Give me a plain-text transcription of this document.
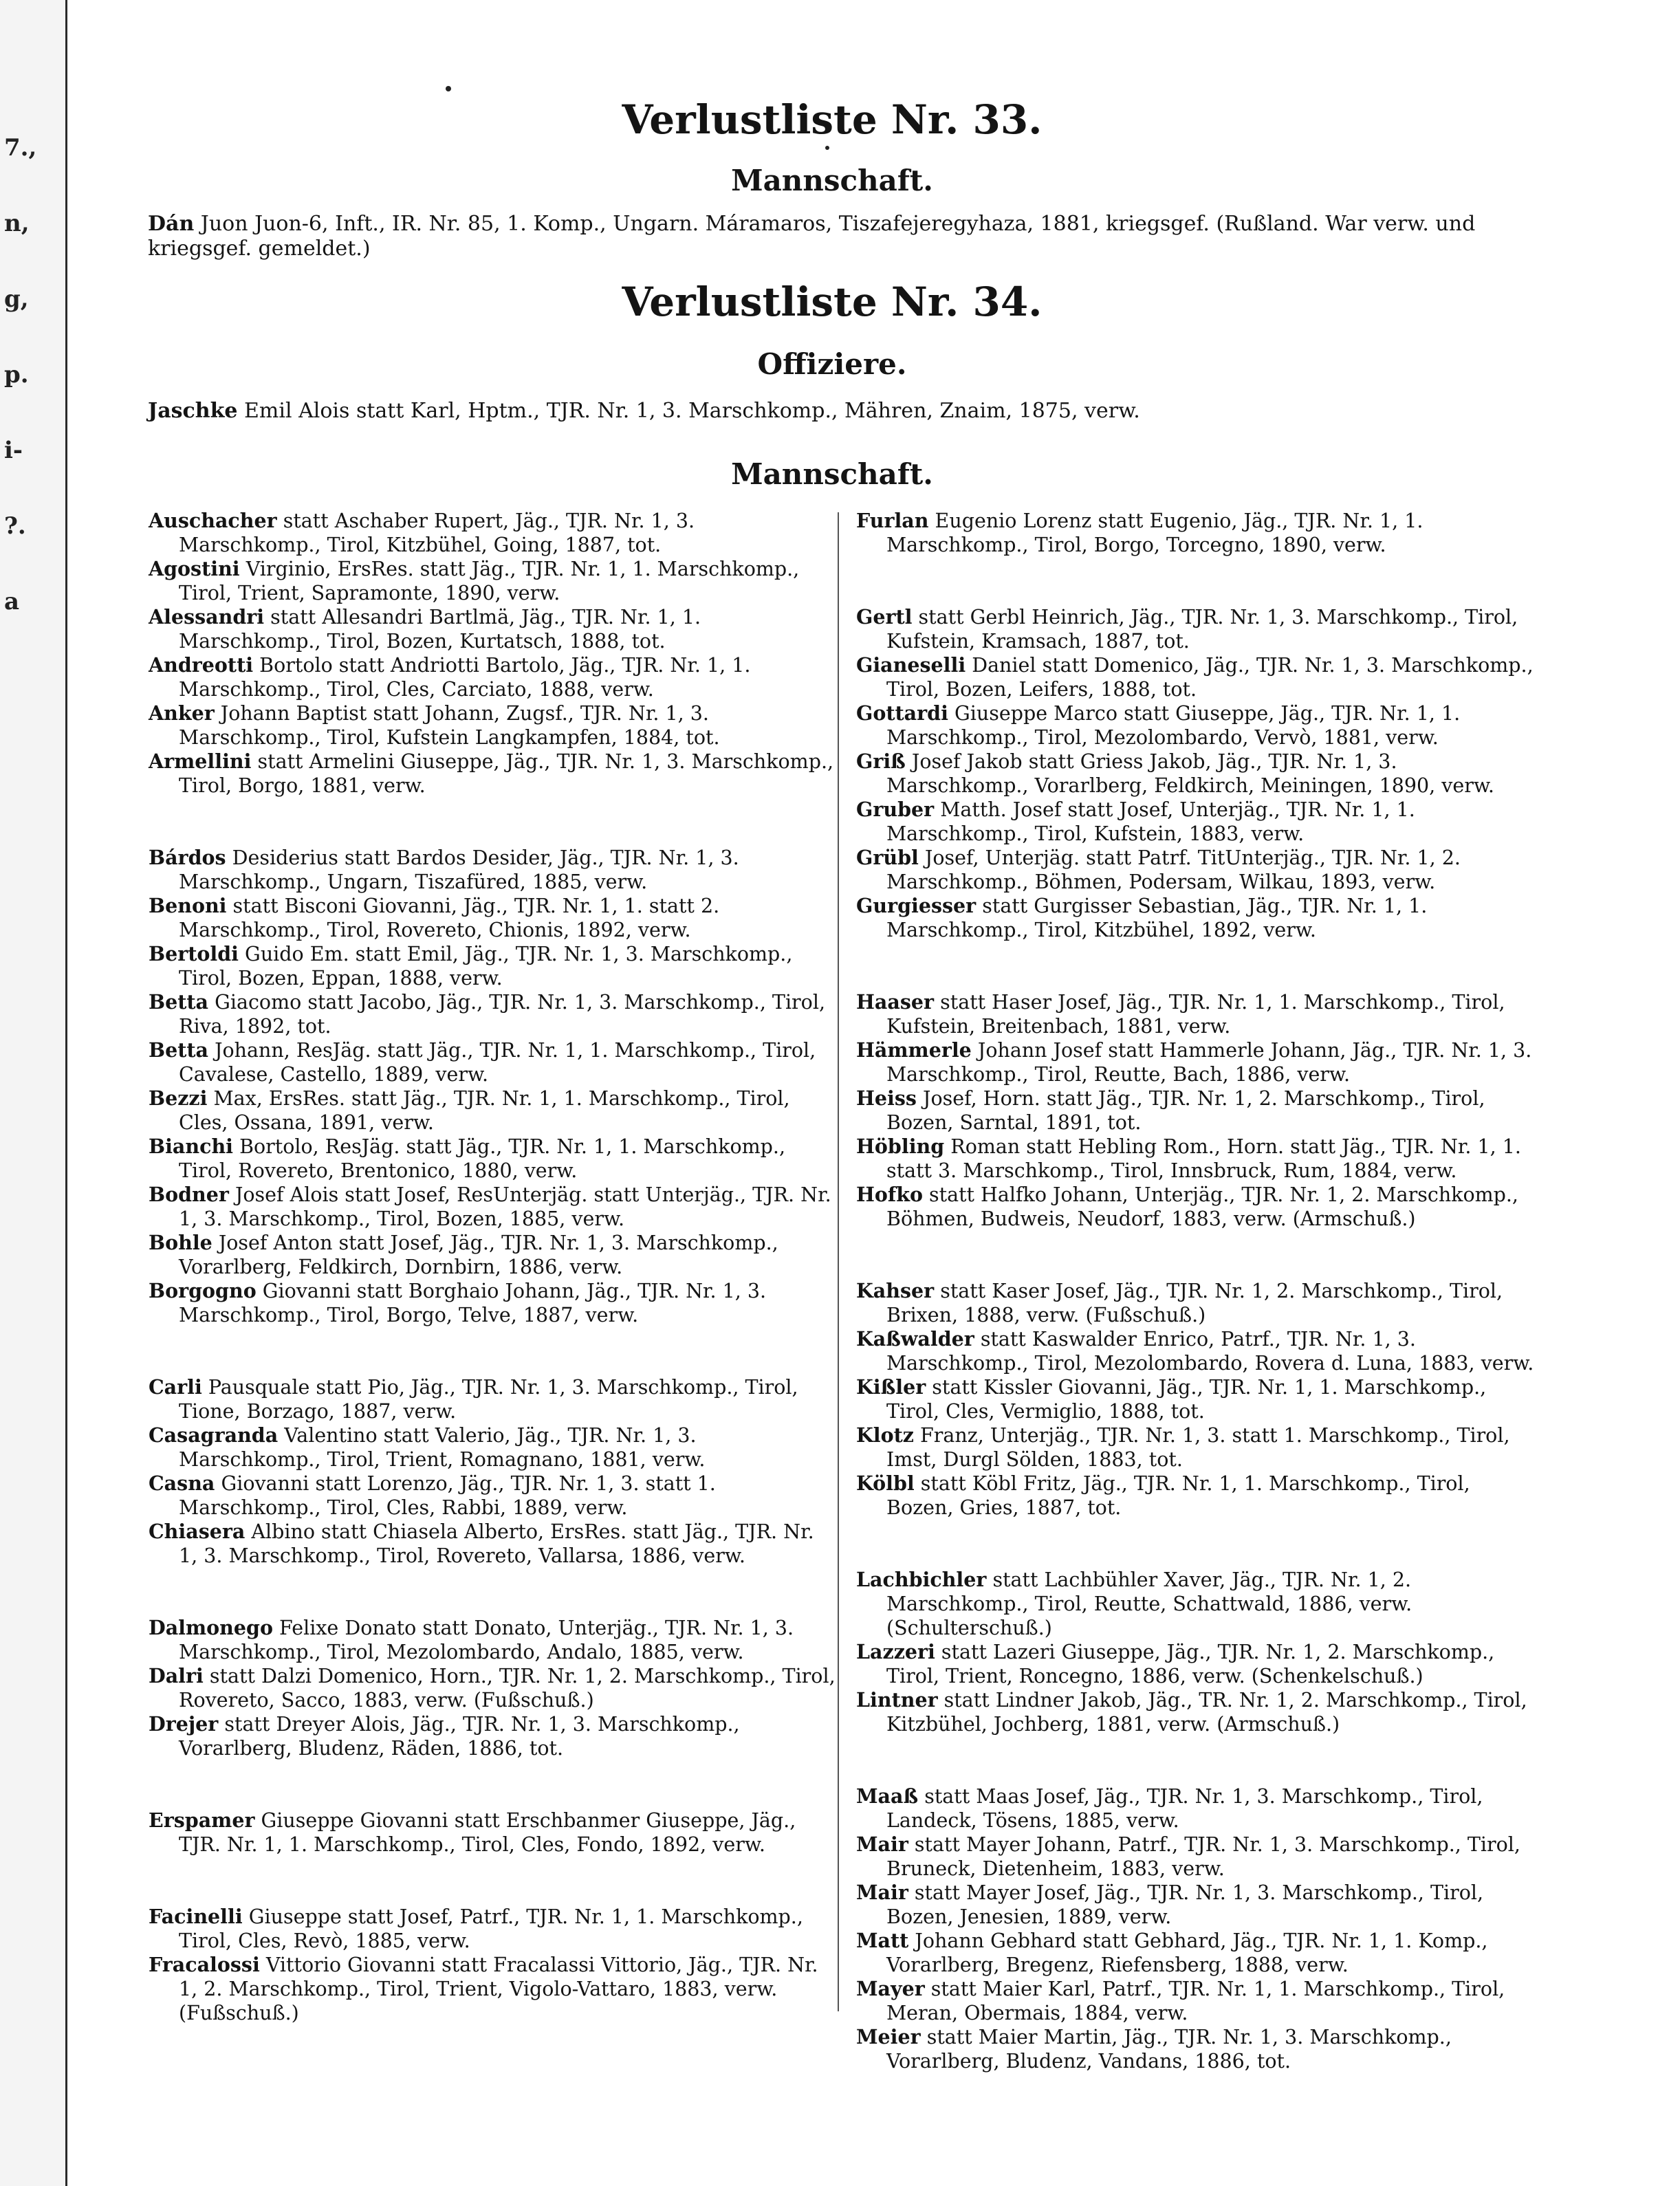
7.,
n,
g,
p.
i-
?.
a
Verlustliste Nr. 33.
Mannschaft.

Dán Juon Juon-6, Inft., IR. Nr. 85, 1. Komp., Ungarn. Máramaros, Tiszafejeregyhaza, 1881, kriegsgef. (Rußland. War verw. und kriegsgef. gemeldet.)

Verlustliste Nr. 34.
Offiziere.

Jaschke Emil Alois statt Karl, Hptm., TJR. Nr. 1, 3. Marschkomp., Mähren, Znaim, 1875, verw.

Mannschaft.

Auschacher statt Aschaber Rupert, Jäg., TJR. Nr. 1, 3. Marschkomp., Tirol, Kitzbühel, Going, 1887, tot.

Agostini Virginio, ErsRes. statt Jäg., TJR. Nr. 1, 1. Marschkomp., Tirol, Trient, Sapramonte, 1890, verw.

Alessandri statt Allesandri Bartlmä, Jäg., TJR. Nr. 1, 1. Marschkomp., Tirol, Bozen, Kurtatsch, 1888, tot.

Andreotti Bortolo statt Andriotti Bartolo, Jäg., TJR. Nr. 1, 1. Marschkomp., Tirol, Cles, Carciato, 1888, verw.

Anker Johann Baptist statt Johann, Zugsf., TJR. Nr. 1, 3. Marschkomp., Tirol, Kufstein Langkampfen, 1884, tot.

Armellini statt Armelini Giuseppe, Jäg., TJR. Nr. 1, 3. Marschkomp., Tirol, Borgo, 1881, verw.

Bárdos Desiderius statt Bardos Desider, Jäg., TJR. Nr. 1, 3. Marschkomp., Ungarn, Tiszafüred, 1885, verw.

Benoni statt Bisconi Giovanni, Jäg., TJR. Nr. 1, 1. statt 2. Marschkomp., Tirol, Rovereto, Chionis, 1892, verw.

Bertoldi Guido Em. statt Emil, Jäg., TJR. Nr. 1, 3. Marschkomp., Tirol, Bozen, Eppan, 1888, verw.

Betta Giacomo statt Jacobo, Jäg., TJR. Nr. 1, 3. Marschkomp., Tirol, Riva, 1892, tot.

Betta Johann, ResJäg. statt Jäg., TJR. Nr. 1, 1. Marschkomp., Tirol, Cavalese, Castello, 1889, verw.

Bezzi Max, ErsRes. statt Jäg., TJR. Nr. 1, 1. Marschkomp., Tirol, Cles, Ossana, 1891, verw.

Bianchi Bortolo, ResJäg. statt Jäg., TJR. Nr. 1, 1. Marschkomp., Tirol, Rovereto, Brentonico, 1880, verw.

Bodner Josef Alois statt Josef, ResUnterjäg. statt Unterjäg., TJR. Nr. 1, 3. Marschkomp., Tirol, Bozen, 1885, verw.

Bohle Josef Anton statt Josef, Jäg., TJR. Nr. 1, 3. Marschkomp., Vorarlberg, Feldkirch, Dornbirn, 1886, verw.

Borgogno Giovanni statt Borghaio Johann, Jäg., TJR. Nr. 1, 3. Marschkomp., Tirol, Borgo, Telve, 1887, verw.

Carli Pausquale statt Pio, Jäg., TJR. Nr. 1, 3. Marschkomp., Tirol, Tione, Borzago, 1887, verw.

Casagranda Valentino statt Valerio, Jäg., TJR. Nr. 1, 3. Marschkomp., Tirol, Trient, Romagnano, 1881, verw.

Casna Giovanni statt Lorenzo, Jäg., TJR. Nr. 1, 3. statt 1. Marschkomp., Tirol, Cles, Rabbi, 1889, verw.

Chiasera Albino statt Chiasela Alberto, ErsRes. statt Jäg., TJR. Nr. 1, 3. Marschkomp., Tirol, Rovereto, Vallarsa, 1886, verw.

Dalmonego Felixe Donato statt Donato, Unterjäg., TJR. Nr. 1, 3. Marschkomp., Tirol, Mezolombardo, Andalo, 1885, verw.

Dalri statt Dalzi Domenico, Horn., TJR. Nr. 1, 2. Marschkomp., Tirol, Rovereto, Sacco, 1883, verw. (Fußschuß.)

Drejer statt Dreyer Alois, Jäg., TJR. Nr. 1, 3. Marschkomp., Vorarlberg, Bludenz, Räden, 1886, tot.

Erspamer Giuseppe Giovanni statt Erschbanmer Giuseppe, Jäg., TJR. Nr. 1, 1. Marschkomp., Tirol, Cles, Fondo, 1892, verw.

Facinelli Giuseppe statt Josef, Patrf., TJR. Nr. 1, 1. Marschkomp., Tirol, Cles, Revò, 1885, verw.

Fracalossi Vittorio Giovanni statt Fracalassi Vittorio, Jäg., TJR. Nr. 1, 2. Marschkomp., Tirol, Trient, Vigolo-Vattaro, 1883, verw. (Fußschuß.)

Furlan Eugenio Lorenz statt Eugenio, Jäg., TJR. Nr. 1, 1. Marschkomp., Tirol, Borgo, Torcegno, 1890, verw.

Gertl statt Gerbl Heinrich, Jäg., TJR. Nr. 1, 3. Marschkomp., Tirol, Kufstein, Kramsach, 1887, tot.

Gianeselli Daniel statt Domenico, Jäg., TJR. Nr. 1, 3. Marschkomp., Tirol, Bozen, Leifers, 1888, tot.

Gottardi Giuseppe Marco statt Giuseppe, Jäg., TJR. Nr. 1, 1. Marschkomp., Tirol, Mezolombardo, Vervò, 1881, verw.

Griß Josef Jakob statt Griess Jakob, Jäg., TJR. Nr. 1, 3. Marschkomp., Vorarlberg, Feldkirch, Meiningen, 1890, verw.

Gruber Matth. Josef statt Josef, Unterjäg., TJR. Nr. 1, 1. Marschkomp., Tirol, Kufstein, 1883, verw.

Grübl Josef, Unterjäg. statt Patrf. TitUnterjäg., TJR. Nr. 1, 2. Marschkomp., Böhmen, Podersam, Wilkau, 1893, verw.

Gurgiesser statt Gurgisser Sebastian, Jäg., TJR. Nr. 1, 1. Marschkomp., Tirol, Kitzbühel, 1892, verw.

Haaser statt Haser Josef, Jäg., TJR. Nr. 1, 1. Marschkomp., Tirol, Kufstein, Breitenbach, 1881, verw.

Hämmerle Johann Josef statt Hammerle Johann, Jäg., TJR. Nr. 1, 3. Marschkomp., Tirol, Reutte, Bach, 1886, verw.

Heiss Josef, Horn. statt Jäg., TJR. Nr. 1, 2. Marschkomp., Tirol, Bozen, Sarntal, 1891, tot.

Höbling Roman statt Hebling Rom., Horn. statt Jäg., TJR. Nr. 1, 1. statt 3. Marschkomp., Tirol, Innsbruck, Rum, 1884, verw.

Hofko statt Halfko Johann, Unterjäg., TJR. Nr. 1, 2. Marschkomp., Böhmen, Budweis, Neudorf, 1883, verw. (Armschuß.)

Kahser statt Kaser Josef, Jäg., TJR. Nr. 1, 2. Marschkomp., Tirol, Brixen, 1888, verw. (Fußschuß.)

Kaßwalder statt Kaswalder Enrico, Patrf., TJR. Nr. 1, 3. Marschkomp., Tirol, Mezolombardo, Rovera d. Luna, 1883, verw.

Kißler statt Kissler Giovanni, Jäg., TJR. Nr. 1, 1. Marschkomp., Tirol, Cles, Vermiglio, 1888, tot.

Klotz Franz, Unterjäg., TJR. Nr. 1, 3. statt 1. Marschkomp., Tirol, Imst, Durgl Sölden, 1883, tot.

Kölbl statt Köbl Fritz, Jäg., TJR. Nr. 1, 1. Marschkomp., Tirol, Bozen, Gries, 1887, tot.

Lachbichler statt Lachbühler Xaver, Jäg., TJR. Nr. 1, 2. Marschkomp., Tirol, Reutte, Schattwald, 1886, verw. (Schulterschuß.)

Lazzeri statt Lazeri Giuseppe, Jäg., TJR. Nr. 1, 2. Marschkomp., Tirol, Trient, Roncegno, 1886, verw. (Schenkelschuß.)

Lintner statt Lindner Jakob, Jäg., TR. Nr. 1, 2. Marschkomp., Tirol, Kitzbühel, Jochberg, 1881, verw. (Armschuß.)

Maaß statt Maas Josef, Jäg., TJR. Nr. 1, 3. Marschkomp., Tirol, Landeck, Tösens, 1885, verw.

Mair statt Mayer Johann, Patrf., TJR. Nr. 1, 3. Marschkomp., Tirol, Bruneck, Dietenheim, 1883, verw.

Mair statt Mayer Josef, Jäg., TJR. Nr. 1, 3. Marschkomp., Tirol, Bozen, Jenesien, 1889, verw.

Matt Johann Gebhard statt Gebhard, Jäg., TJR. Nr. 1, 1. Komp., Vorarlberg, Bregenz, Riefensberg, 1888, verw.

Mayer statt Maier Karl, Patrf., TJR. Nr. 1, 1. Marschkomp., Tirol, Meran, Obermais, 1884, verw.

Meier statt Maier Martin, Jäg., TJR. Nr. 1, 3. Marschkomp., Vorarlberg, Bludenz, Vandans, 1886, tot.
